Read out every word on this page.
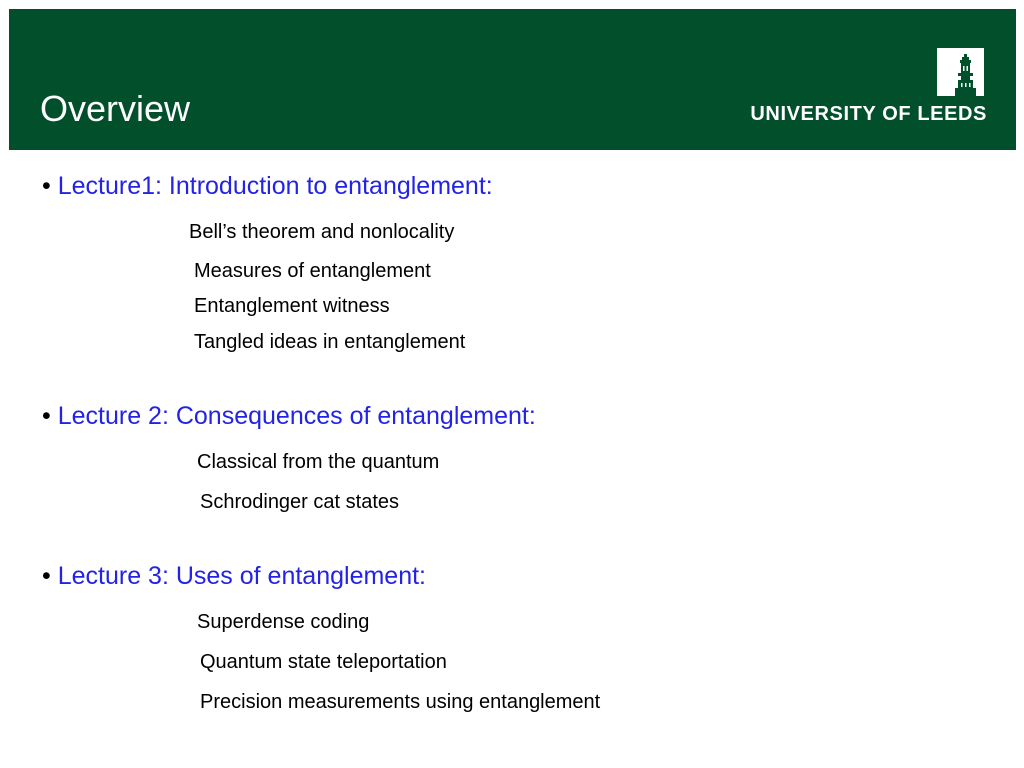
Overview	UNIVERSITY OF LEEDS
• Lecture1: Introduction to entanglement:
Bell’s theorem and nonlocality
Measures of entanglement
Entanglement witness
Tangled ideas in entanglement
• Lecture 2: Consequences of entanglement:
Classical from the quantum
Schrodinger cat states
• Lecture 3: Uses of entanglement:
Superdense coding
Quantum state teleportation
Precision measurements using entanglement
